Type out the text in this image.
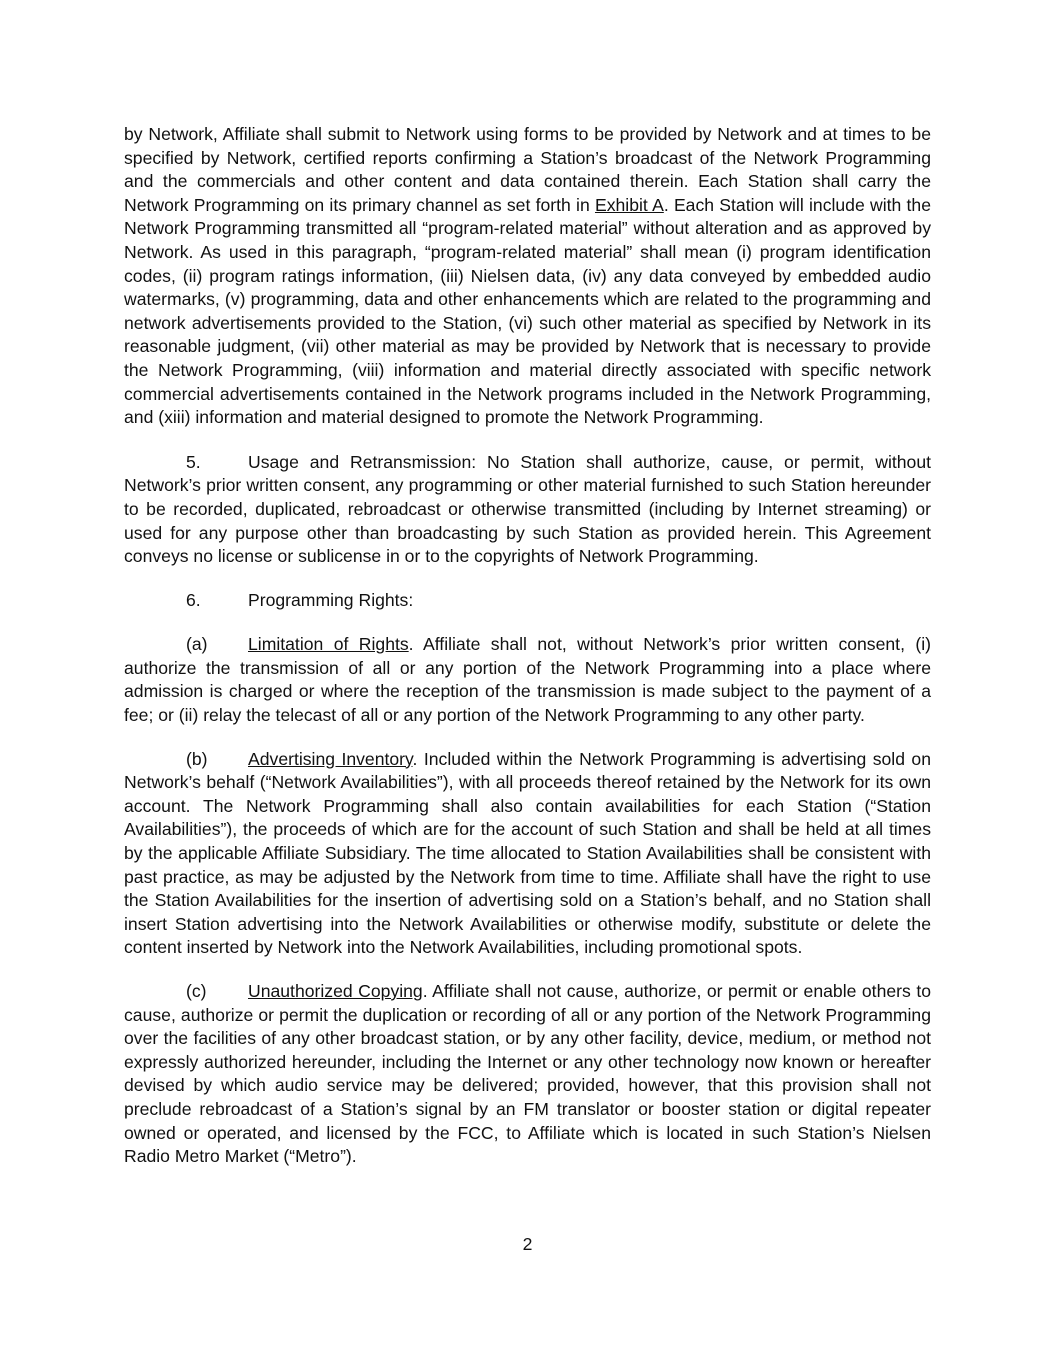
by Network, Affiliate shall submit to Network using forms to be provided by Network and at times to be specified by Network, certified reports confirming a Station’s broadcast of the Network Programming and the commercials and other content and data contained therein. Each Station shall carry the Network Programming on its primary channel as set forth in Exhibit A. Each Station will include with the Network Programming transmitted all “program-related material” without alteration and as approved by Network. As used in this paragraph, “program-related material” shall mean (i) program identification codes, (ii) program ratings information, (iii) Nielsen data, (iv) any data conveyed by embedded audio watermarks, (v) programming, data and other enhancements which are related to the programming and network advertisements provided to the Station, (vi) such other material as specified by Network in its reasonable judgment, (vii) other material as may be provided by Network that is necessary to provide the Network Programming, (viii) information and material directly associated with specific network commercial advertisements contained in the Network programs included in the Network Programming, and (xiii) information and material designed to promote the Network Programming.

5.	Usage and Retransmission: No Station shall authorize, cause, or permit, without Network’s prior written consent, any programming or other material furnished to such Station hereunder to be recorded, duplicated, rebroadcast or otherwise transmitted (including by Internet streaming) or used for any purpose other than broadcasting by such Station as provided herein. This Agreement conveys no license or sublicense in or to the copyrights of Network Programming.

6.	Programming Rights:

(a) Limitation of Rights. Affiliate shall not, without Network’s prior written consent, (i) authorize the transmission of all or any portion of the Network Programming into a place where admission is charged or where the reception of the transmission is made subject to the payment of a fee; or (ii) relay the telecast of all or any portion of the Network Programming to any other party.

(b) Advertising Inventory. Included within the Network Programming is advertising sold on Network’s behalf (“Network Availabilities”), with all proceeds thereof retained by the Network for its own account. The Network Programming shall also contain availabilities for each Station (“Station Availabilities”), the proceeds of which are for the account of such Station and shall be held at all times by the applicable Affiliate Subsidiary. The time allocated to Station Availabilities shall be consistent with past practice, as may be adjusted by the Network from time to time. Affiliate shall have the right to use the Station Availabilities for the insertion of advertising sold on a Station’s behalf, and no Station shall insert Station advertising into the Network Availabilities or otherwise modify, substitute or delete the content inserted by Network into the Network Availabilities, including promotional spots.

(c) Unauthorized Copying. Affiliate shall not cause, authorize, or permit or enable others to cause, authorize or permit the duplication or recording of all or any portion of the Network Programming over the facilities of any other broadcast station, or by any other facility, device, medium, or method not expressly authorized hereunder, including the Internet or any other technology now known or hereafter devised by which audio service may be delivered; provided, however, that this provision shall not preclude rebroadcast of a Station’s signal by an FM translator or booster station or digital repeater owned or operated, and licensed by the FCC, to Affiliate which is located in such Station’s Nielsen Radio Metro Market (“Metro”).

2
